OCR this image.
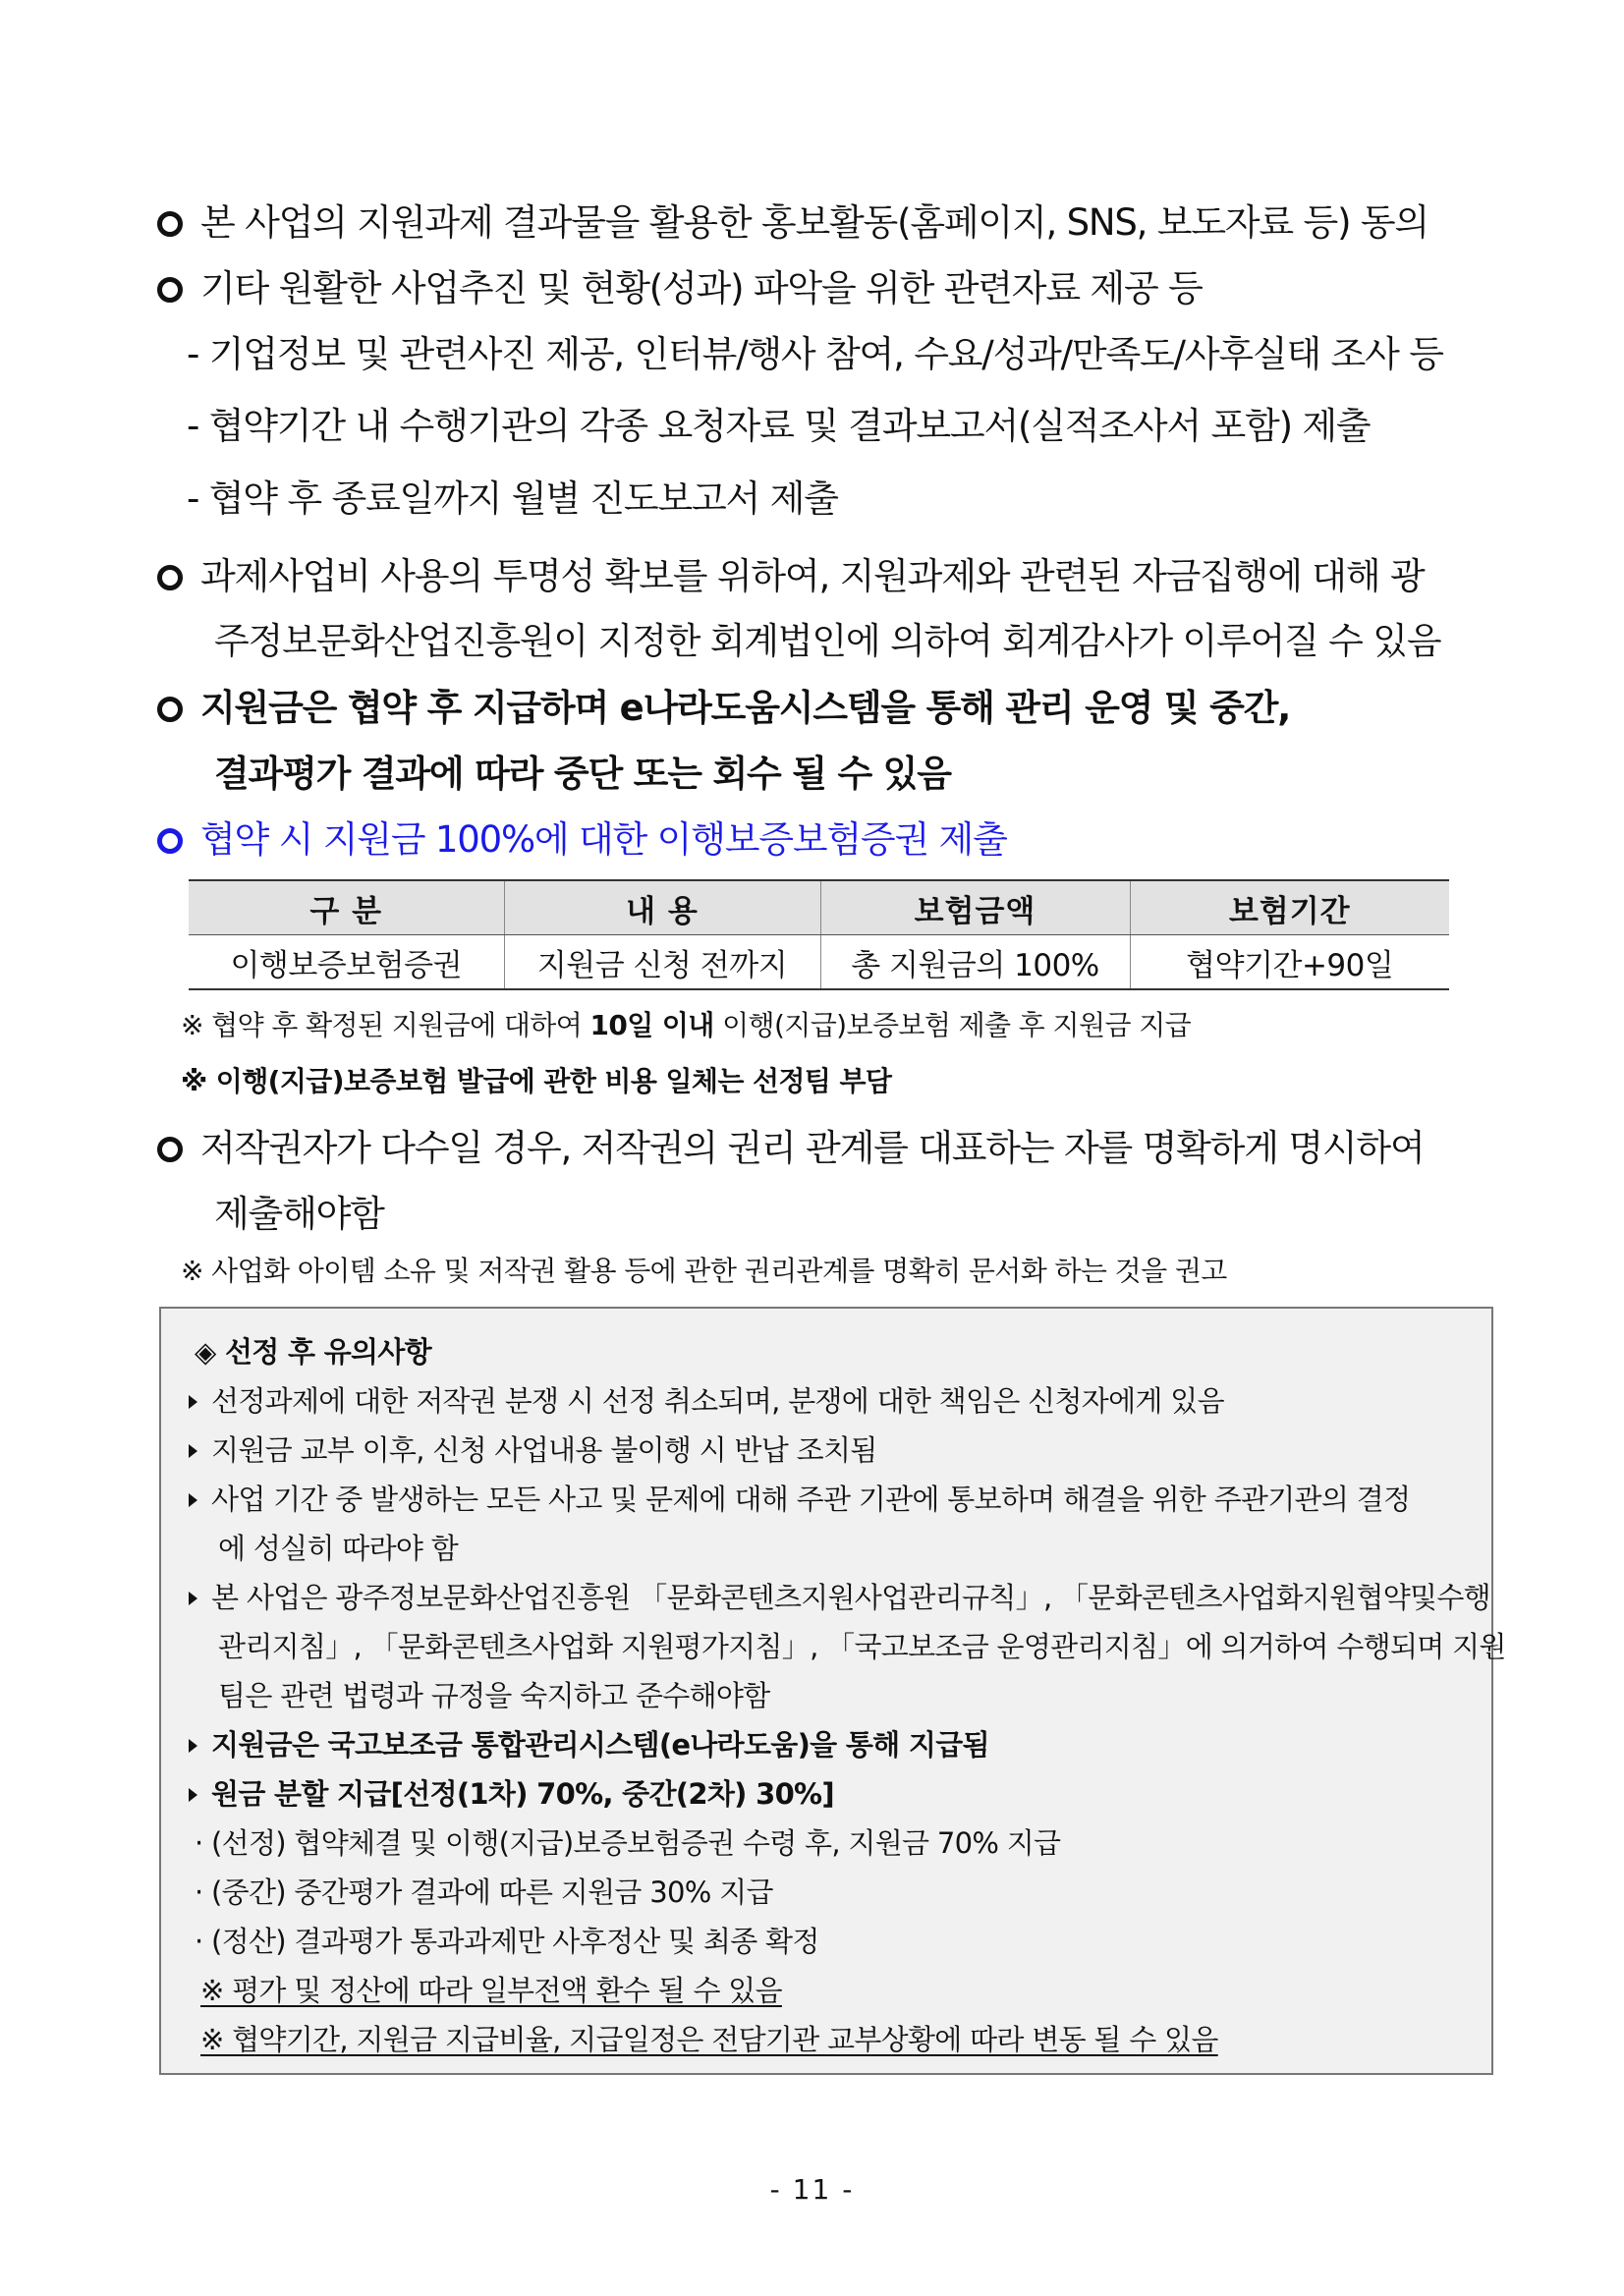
본 사업의 지원과제 결과물을 활용한 홍보활동(홈페이지, SNS, 보도자료 등) 동의
기타 원활한 사업추진 및 현황(성과) 파악을 위한 관련자료 제공 등
- 기업정보 및 관련사진 제공, 인터뷰/행사 참여, 수요/성과/만족도/사후실태 조사 등
- 협약기간 내 수행기관의 각종 요청자료 및 결과보고서(실적조사서 포함) 제출
- 협약 후 종료일까지 월별 진도보고서 제출
과제사업비 사용의 투명성 확보를 위하여, 지원과제와 관련된 자금집행에 대해 광
주정보문화산업진흥원이 지정한 회계법인에 의하여 회계감사가 이루어질 수 있음
지원금은 협약 후 지급하며 e나라도움시스템을 통해 관리 운영 및 중간,
결과평가 결과에 따라 중단 또는 회수 될 수 있음
협약 시 지원금 100%에 대한 이행보증보험증권 제출
구 분	내 용	보험금액	보험기간
이행보증보험증권	지원금 신청 전까지	총 지원금의 100%	협약기간+90일
※ 협약 후 확정된 지원금에 대하여 10일 이내 이행(지급)보증보험 제출 후 지원금 지급
※ 이행(지급)보증보험 발급에 관한 비용 일체는 선정팀 부담
저작권자가 다수일 경우, 저작권의 권리 관계를 대표하는 자를 명확하게 명시하여
제출해야함
※ 사업화 아이템 소유 및 저작권 활용 등에 관한 권리관계를 명확히 문서화 하는 것을 권고
◈ 선정 후 유의사항
선정과제에 대한 저작권 분쟁 시 선정 취소되며, 분쟁에 대한 책임은 신청자에게 있음
지원금 교부 이후, 신청 사업내용 불이행 시 반납 조치됨
사업 기간 중 발생하는 모든 사고 및 문제에 대해 주관 기관에 통보하며 해결을 위한 주관기관의 결정
에 성실히 따라야 함
본 사업은 광주정보문화산업진흥원 「문화콘텐츠지원사업관리규칙」, 「문화콘텐츠사업화지원협약및수행
관리지침」, 「문화콘텐츠사업화 지원평가지침」, 「국고보조금 운영관리지침」에 의거하여 수행되며 지원
팀은 관련 법령과 규정을 숙지하고 준수해야함
지원금은 국고보조금 통합관리시스템(e나라도움)을 통해 지급됨
원금 분할 지급[선정(1차) 70%, 중간(2차) 30%]
· (선정) 협약체결 및 이행(지급)보증보험증권 수령 후, 지원금 70% 지급
· (중간) 중간평가 결과에 따른 지원금 30% 지급
· (정산) 결과평가 통과과제만 사후정산 및 최종 확정
※ 평가 및 정산에 따라 일부전액 환수 될 수 있음
※ 협약기간, 지원금 지급비율, 지급일정은 전담기관 교부상황에 따라 변동 될 수 있음
- 11 -
